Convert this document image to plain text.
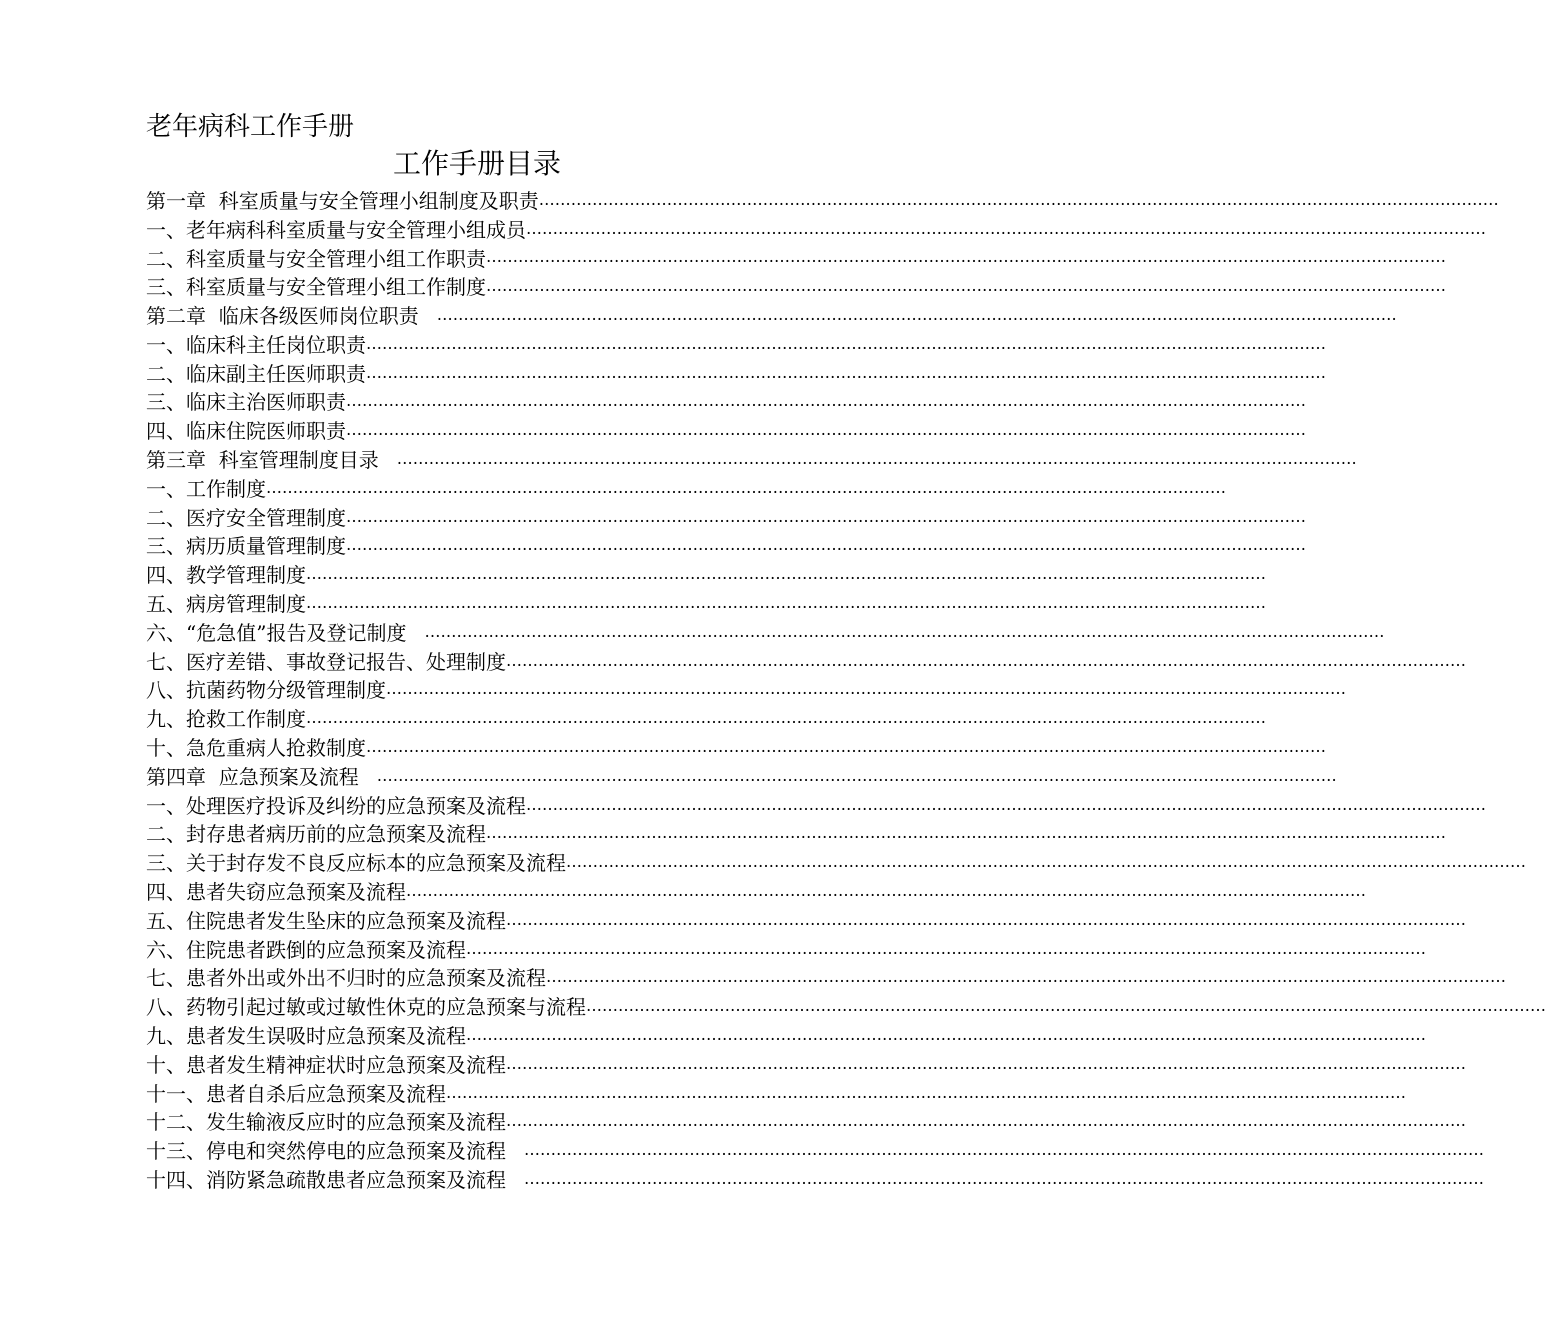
老年病科工作手册
工作手册目录
第一章  科室质量与安全管理小组制度及职责 ………………………………………………………………………………………………………………………………………………………………
一、老年病科科室质量与安全管理小组成员 ………………………………………………………………………………………………………………………………………………………………
二、科室质量与安全管理小组工作职责 ………………………………………………………………………………………………………………………………………………………………
三、科室质量与安全管理小组工作制度 ………………………………………………………………………………………………………………………………………………………………
第二章  临床各级医师岗位职责 ………………………………………………………………………………………………………………………………………………………………
一、临床科主任岗位职责 ………………………………………………………………………………………………………………………………………………………………
二、临床副主任医师职责 ………………………………………………………………………………………………………………………………………………………………
三、临床主治医师职责 ………………………………………………………………………………………………………………………………………………………………
四、临床住院医师职责 ………………………………………………………………………………………………………………………………………………………………
第三章  科室管理制度目录 ………………………………………………………………………………………………………………………………………………………………
一、工作制度 ………………………………………………………………………………………………………………………………………………………………
二、医疗安全管理制度 ………………………………………………………………………………………………………………………………………………………………
三、病历质量管理制度 ………………………………………………………………………………………………………………………………………………………………
四、教学管理制度 ………………………………………………………………………………………………………………………………………………………………
五、病房管理制度 ………………………………………………………………………………………………………………………………………………………………
六、“危急值”报告及登记制度 ………………………………………………………………………………………………………………………………………………………………
七、医疗差错、事故登记报告、处理制度 ………………………………………………………………………………………………………………………………………………………………
八、抗菌药物分级管理制度 ………………………………………………………………………………………………………………………………………………………………
九、抢救工作制度 ………………………………………………………………………………………………………………………………………………………………
十、急危重病人抢救制度 ………………………………………………………………………………………………………………………………………………………………
第四章  应急预案及流程 ………………………………………………………………………………………………………………………………………………………………
一、处理医疗投诉及纠纷的应急预案及流程 ………………………………………………………………………………………………………………………………………………………………
二、封存患者病历前的应急预案及流程 ………………………………………………………………………………………………………………………………………………………………
三、关于封存发不良反应标本的应急预案及流程 ………………………………………………………………………………………………………………………………………………………………
四、患者失窃应急预案及流程 ………………………………………………………………………………………………………………………………………………………………
五、住院患者发生坠床的应急预案及流程 ………………………………………………………………………………………………………………………………………………………………
六、住院患者跌倒的应急预案及流程 ………………………………………………………………………………………………………………………………………………………………
七、患者外出或外出不归时的应急预案及流程 ………………………………………………………………………………………………………………………………………………………………
八、药物引起过敏或过敏性休克的应急预案与流程 ………………………………………………………………………………………………………………………………………………………………
九、患者发生误吸时应急预案及流程 ………………………………………………………………………………………………………………………………………………………………
十、患者发生精神症状时应急预案及流程 ………………………………………………………………………………………………………………………………………………………………
十一、患者自杀后应急预案及流程 ………………………………………………………………………………………………………………………………………………………………
十二、发生输液反应时的应急预案及流程 ………………………………………………………………………………………………………………………………………………………………
十三、停电和突然停电的应急预案及流程 ………………………………………………………………………………………………………………………………………………………………
十四、消防紧急疏散患者应急预案及流程 ………………………………………………………………………………………………………………………………………………………………
